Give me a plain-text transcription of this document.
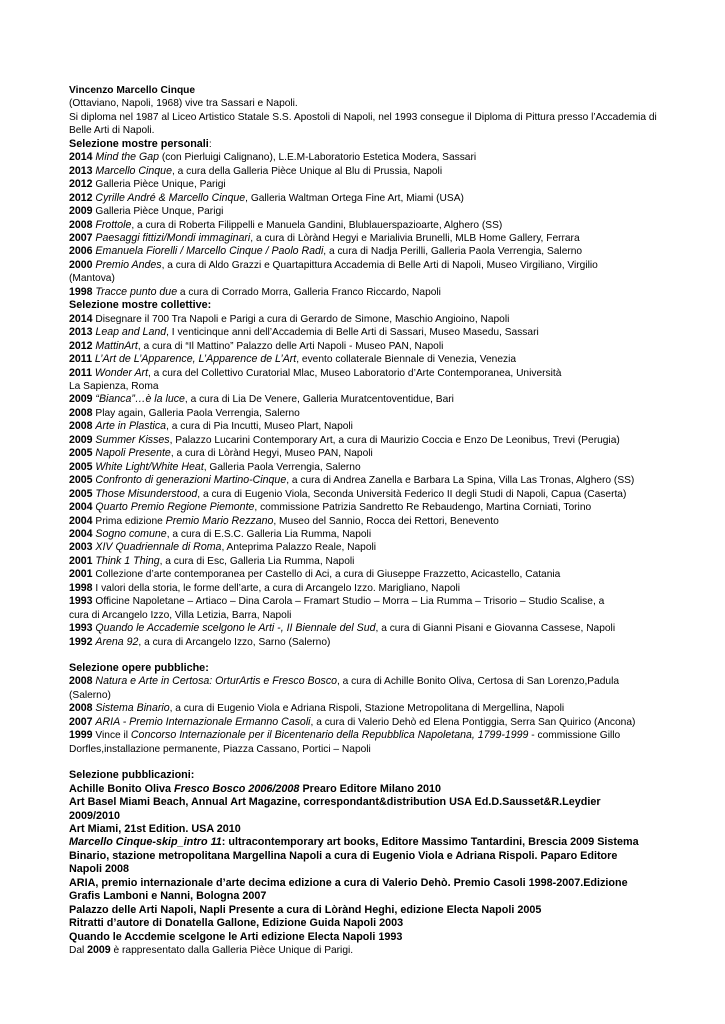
Vincenzo Marcello Cinque
(Ottaviano, Napoli, 1968) vive tra Sassari e Napoli.
Si diploma nel 1987 al Liceo Artistico Statale S.S. Apostoli di Napoli, nel 1993 consegue il Diploma di Pittura presso l’Accademia di
Belle Arti di Napoli.
Selezione mostre personali:
2014 Mind the Gap (con Pierluigi Calignano), L.E.M-Laboratorio Estetica Modera, Sassari
2013 Marcello Cinque, a cura della Galleria Pièce Unique al Blu di Prussia, Napoli
2012 Galleria Pièce Unique, Parigi
2012 Cyrille André & Marcello Cinque, Galleria Waltman Ortega Fine Art, Miami (USA)
2009 Galleria Pièce Unque, Parigi
2008 Frottole, a cura di Roberta Filippelli e Manuela Gandini, Blublauerspazioarte, Alghero (SS)
2007 Paesaggi fittizi/Mondi immaginari, a cura di Lòrànd Hegyi e Marialivia Brunelli, MLB Home Gallery, Ferrara
2006 Emanuela Fiorelli / Marcello Cinque / Paolo Radi, a cura di Nadja Perilli, Galleria Paola Verrengia, Salerno
2000 Premio Andes, a cura di Aldo Grazzi e Quartapittura Accademia di Belle Arti di Napoli, Museo Virgiliano, Virgilio
(Mantova)
1998 Tracce punto due a cura di Corrado Morra, Galleria Franco Riccardo, Napoli
Selezione mostre collettive:
2014 Disegnare il 700 Tra Napoli e Parigi a cura di Gerardo de Simone, Maschio Angioino, Napoli
2013 Leap and Land, I venticinque anni dell’Accademia di Belle Arti di Sassari, Museo Masedu, Sassari
2012 MattinArt, a cura di “Il Mattino” Palazzo delle Arti Napoli - Museo PAN, Napoli
2011 L’Art de L’Apparence, L’Apparence de L’Art, evento collaterale Biennale di Venezia, Venezia
2011 Wonder Art, a cura del Collettivo Curatorial Mlac, Museo Laboratorio d’Arte Contemporanea, Università
La Sapienza, Roma
2009 “Bianca”…è la luce, a cura di Lia De Venere, Galleria Muratcentoventidue, Bari
2008 Play again, Galleria Paola Verrengia, Salerno
2008 Arte in Plastica, a cura di Pia Incutti, Museo Plart, Napoli
2009 Summer Kisses, Palazzo Lucarini Contemporary Art, a cura di Maurizio Coccia e Enzo De Leonibus, Trevi (Perugia)
2005 Napoli Presente, a cura di Lòrànd Hegyi, Museo PAN, Napoli
2005 White Light/White Heat, Galleria Paola Verrengia, Salerno
2005 Confronto di generazioni Martino-Cinque, a cura di Andrea Zanella e Barbara La Spina, Villa Las Tronas, Alghero (SS)
2005 Those Misunderstood, a cura di Eugenio Viola, Seconda Università Federico II degli Studi di Napoli, Capua (Caserta)
2004 Quarto Premio Regione Piemonte, commissione Patrizia Sandretto Re Rebaudengo, Martina Corniati, Torino
2004 Prima edizione Premio Mario Rezzano, Museo del Sannio, Rocca dei Rettori, Benevento
2004 Sogno comune, a cura di E.S.C. Galleria Lia Rumma, Napoli
2003 XIV Quadriennale di Roma, Anteprima Palazzo Reale, Napoli
2001 Think 1 Thing, a cura di Esc, Galleria Lia Rumma, Napoli
2001 Collezione d’arte contemporanea per Castello di Aci, a cura di Giuseppe Frazzetto, Acicastello, Catania
1998 I valori della storia, le forme dell’arte, a cura di Arcangelo Izzo. Marigliano, Napoli
1993 Officine Napoletane – Artiaco – Dina Carola – Framart Studio – Morra – Lia Rumma – Trisorio – Studio Scalise, a
cura di Arcangelo Izzo, Villa Letizia, Barra, Napoli
1993 Quando le Accademie scelgono le Arti -, II Biennale del Sud, a cura di Gianni Pisani e Giovanna Cassese, Napoli
1992 Arena 92, a cura di Arcangelo Izzo, Sarno (Salerno)
Selezione opere pubbliche:
2008 Natura e Arte in Certosa: OrturArtis e Fresco Bosco, a cura di Achille Bonito Oliva, Certosa di San Lorenzo,Padula
(Salerno)
2008 Sistema Binario, a cura di Eugenio Viola e Adriana Rispoli, Stazione Metropolitana di Mergellina, Napoli
2007 ARIA - Premio Internazionale Ermanno Casoli, a cura di Valerio Dehò ed Elena Pontiggia, Serra San Quirico (Ancona)
1999 Vince il Concorso Internazionale per il Bicentenario della Repubblica Napoletana, 1799-1999 - commissione Gillo
Dorfles,installazione permanente, Piazza Cassano, Portici – Napoli
Selezione pubblicazioni:
Achille Bonito Oliva Fresco Bosco 2006/2008 Prearo Editore Milano 2010
Art Basel Miami Beach, Annual Art Magazine, correspondant&distribution USA Ed.D.Sausset&R.Leydier
2009/2010
Art Miami, 21st Edition. USA 2010
Marcello Cinque-skip_intro 11: ultracontemporary art books, Editore Massimo Tantardini, Brescia 2009 Sistema
Binario, stazione metropolitana Margellina Napoli a cura di Eugenio Viola e Adriana Rispoli. Paparo Editore
Napoli 2008
ARIA, premio internazionale d’arte decima edizione a cura di Valerio Dehò. Premio Casoli 1998-2007.Edizione
Grafis Lamboni e Nanni, Bologna 2007
Palazzo delle Arti Napoli, Napli Presente a cura di Lòrànd Heghi, edizione Electa Napoli 2005
Ritratti d’autore di Donatella Gallone, Edizione Guida Napoli 2003
Quando le Accdemie scelgone le Arti edizione Electa Napoli 1993
Dal 2009 è rappresentato dalla Galleria Pièce Unique di Parigi.
